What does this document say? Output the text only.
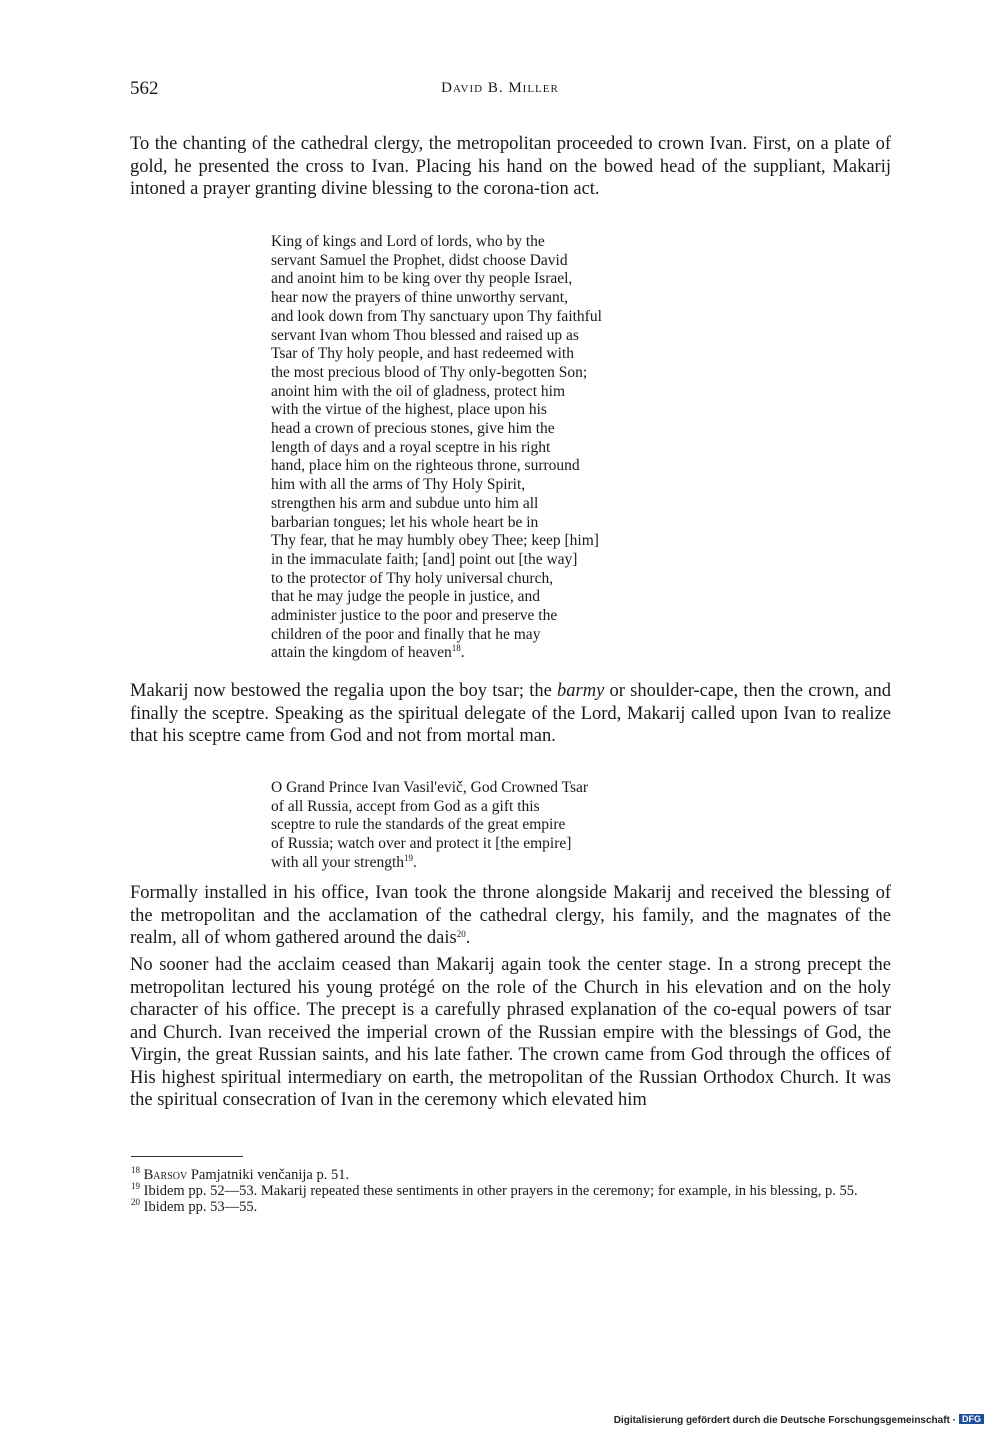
562	David B. Miller

To the chanting of the cathedral clergy, the metropolitan proceeded to crown Ivan. First, on a plate of gold, he presented the cross to Ivan. Placing his hand on the bowed head of the suppliant, Makarij intoned a prayer granting divine blessing to the corona-tion act.

King of kings and Lord of lords, who by the
servant Samuel the Prophet, didst choose David
and anoint him to be king over thy people Israel,
hear now the prayers of thine unworthy servant,
and look down from Thy sanctuary upon Thy faithful
servant Ivan whom Thou blessed and raised up as
Tsar of Thy holy people, and hast redeemed with
the most precious blood of Thy only-begotten Son;
anoint him with the oil of gladness, protect him
with the virtue of the highest, place upon his
head a crown of precious stones, give him the
length of days and a royal sceptre in his right
hand, place him on the righteous throne, surround
him with all the arms of Thy Holy Spirit,
strengthen his arm and subdue unto him all
barbarian tongues; let his whole heart be in
Thy fear, that he may humbly obey Thee; keep [him]
in the immaculate faith; [and] point out [the way]
to the protector of Thy holy universal church,
that he may judge the people in justice, and
administer justice to the poor and preserve the
children of the poor and finally that he may
attain the kingdom of heaven$^{18}$.

Makarij now bestowed the regalia upon the boy tsar; the barmy or shoulder-cape, then the crown, and finally the sceptre. Speaking as the spiritual delegate of the Lord, Makarij called upon Ivan to realize that his sceptre came from God and not from mortal man.

O Grand Prince Ivan Vasil'evič, God Crowned Tsar
of all Russia, accept from God as a gift this
sceptre to rule the standards of the great empire
of Russia; watch over and protect it [the empire]
with all your strength$^{19}$.

Formally installed in his office, Ivan took the throne alongside Makarij and received the blessing of the metropolitan and the acclamation of the cathedral clergy, his family, and the magnates of the realm, all of whom gathered around the dais$^{20}$.

No sooner had the acclaim ceased than Makarij again took the center stage. In a strong precept the metropolitan lectured his young protégé on the role of the Church in his elevation and on the holy character of his office. The precept is a carefully phrased explanation of the co-equal powers of tsar and Church. Ivan received the imperial crown of the Russian empire with the blessings of God, the Virgin, the great Russian saints, and his late father. The crown came from God through the offices of His highest spiritual intermediary on earth, the metropolitan of the Russian Orthodox Church. It was the spiritual consecration of Ivan in the ceremony which elevated him

$^{18}$ Barsov Pamjatniki venčanija p. 51.
$^{19}$ Ibidem pp. 52—53. Makarij repeated these sentiments in other prayers in the ceremony; for example, in his blessing, p. 55.
$^{20}$ Ibidem pp. 53—55.
Digitalisierung gefördert durch die Deutsche Forschungsgemeinschaft · DFG
